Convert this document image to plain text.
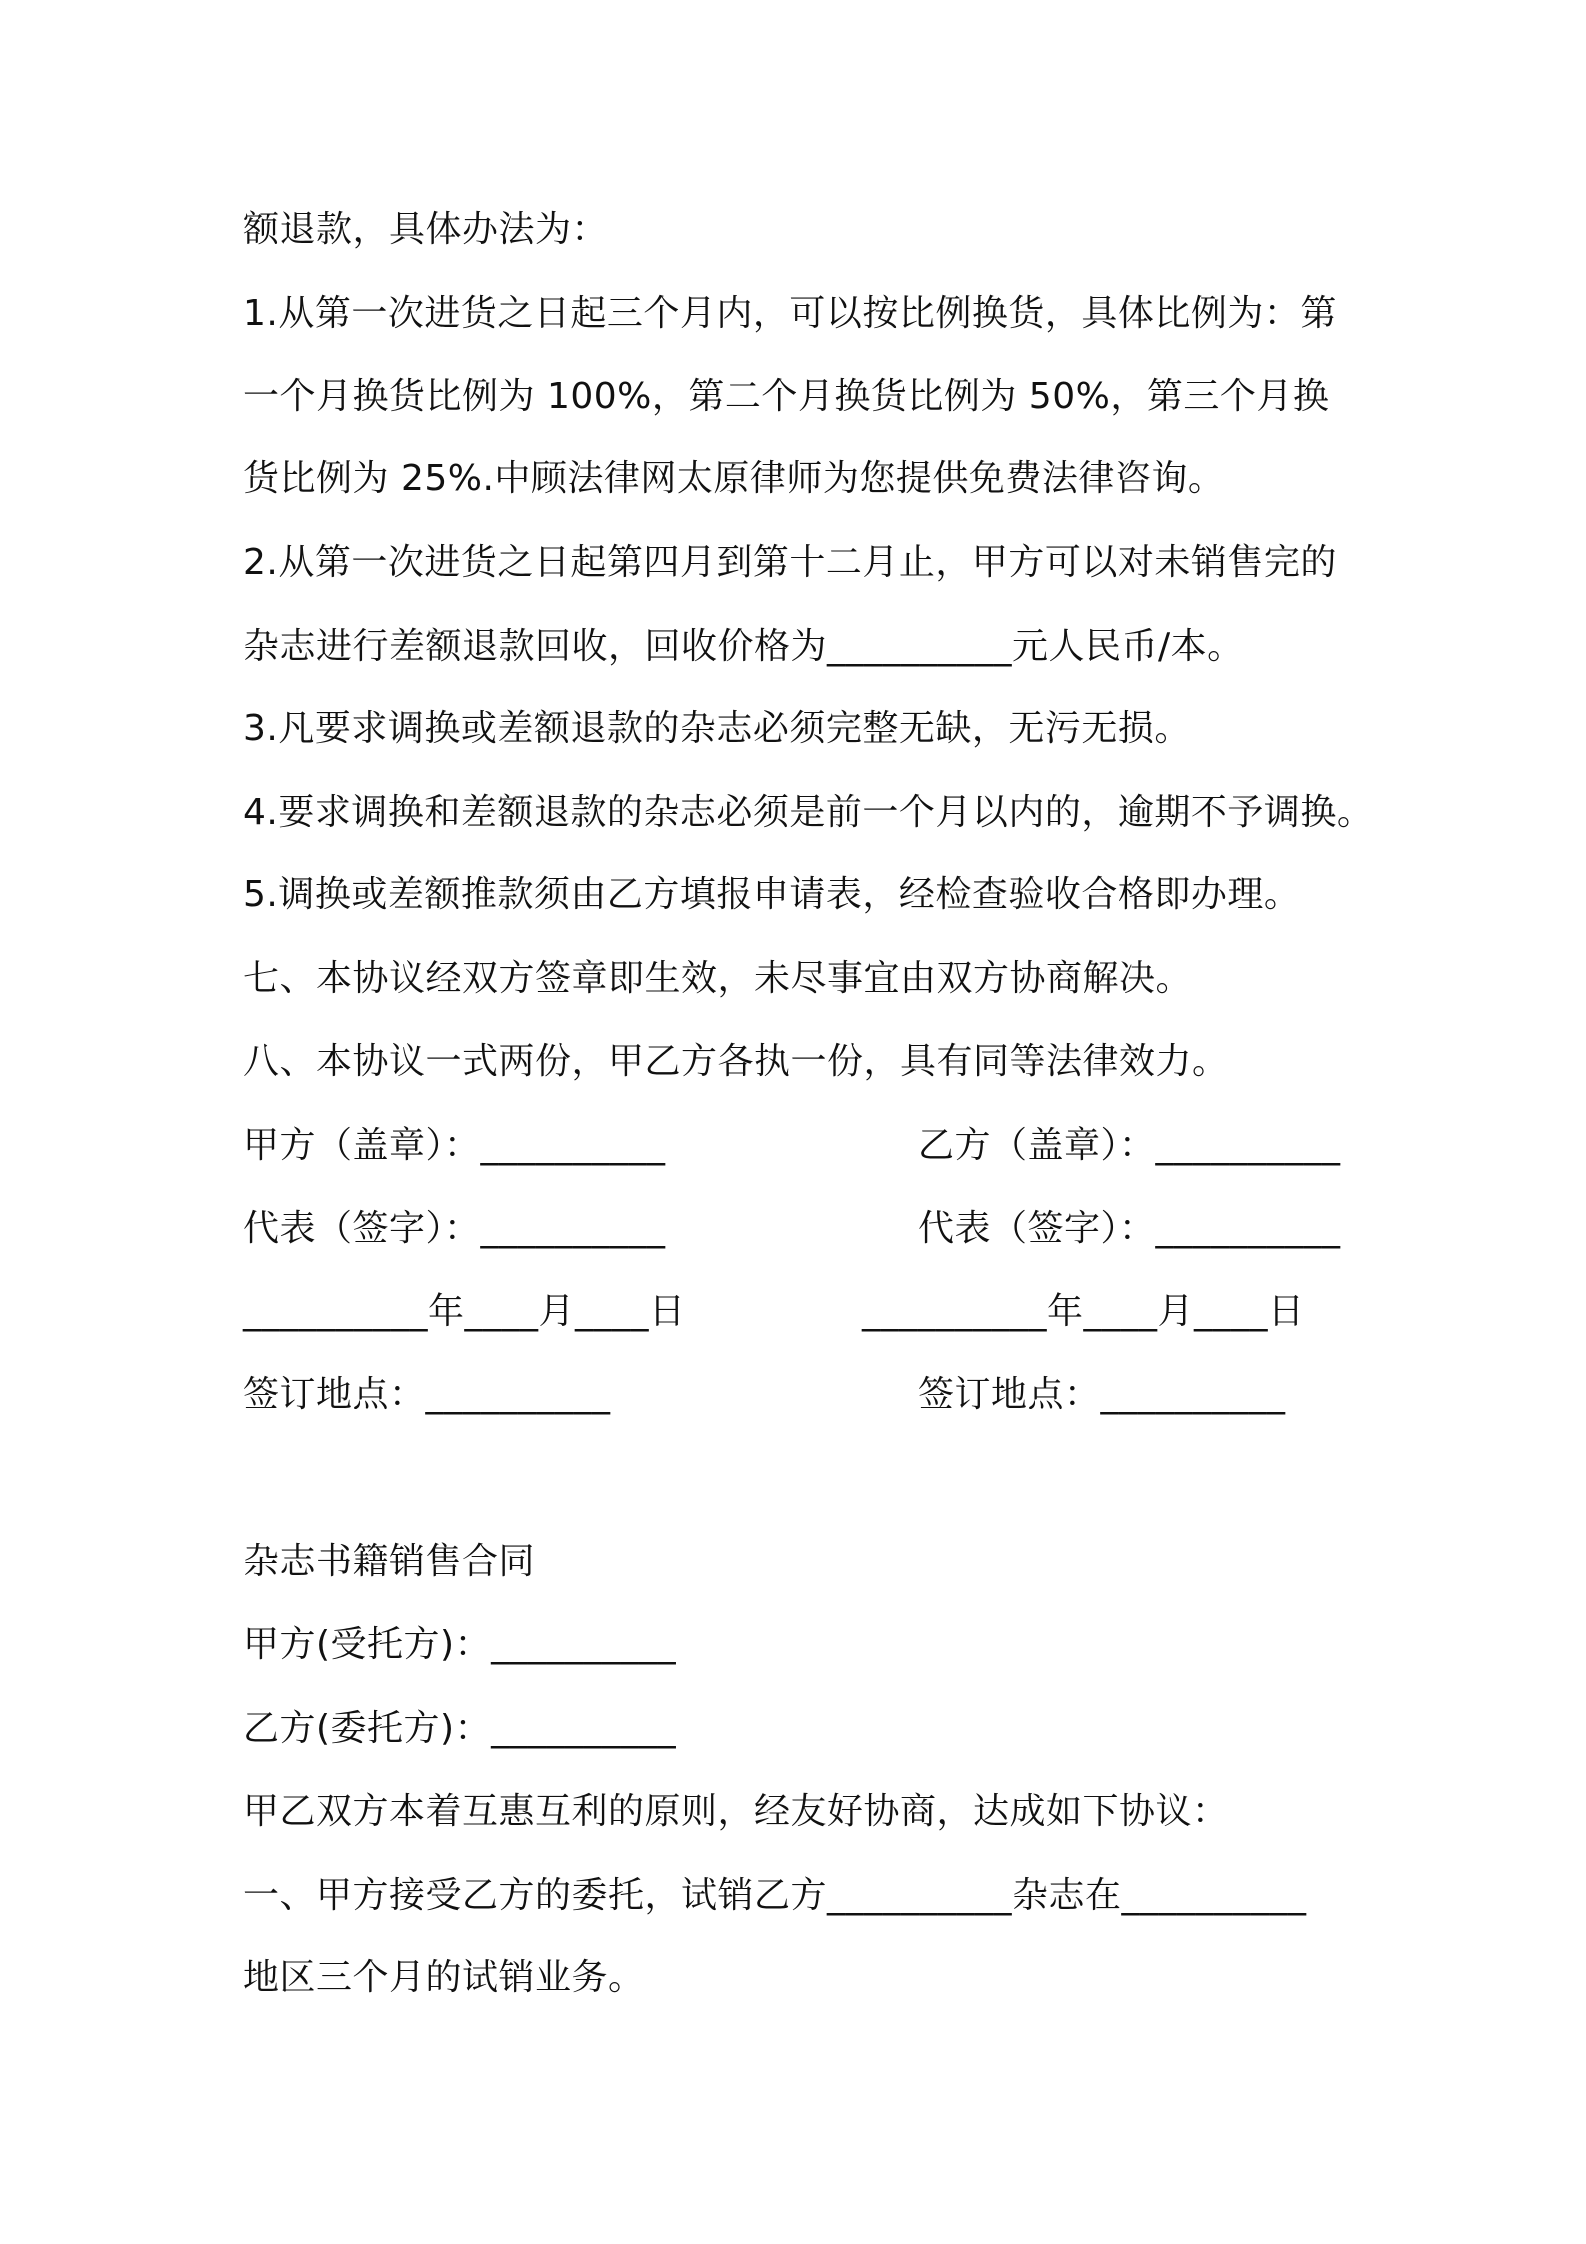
额退款，具体办法为：
1.从第一次进货之日起三个月内，可以按比例换货，具体比例为：第
一个月换货比例为 100%，第二个月换货比例为 50%，第三个月换
货比例为 25%.中顾法律网太原律师为您提供免费法律咨询。
2.从第一次进货之日起第四月到第十二月止，甲方可以对未销售完的
杂志进行差额退款回收，回收价格为__________元人民币/本。
3.凡要求调换或差额退款的杂志必须完整无缺，无污无损。
4.要求调换和差额退款的杂志必须是前一个月以内的，逾期不予调换。
5.调换或差额推款须由乙方填报申请表，经检查验收合格即办理。
七、本协议经双方签章即生效，未尽事宜由双方协商解决。
八、本协议一式两份，甲乙方各执一份，具有同等法律效力。
甲方（盖章）：__________	乙方（盖章）：__________
代表（签字）：__________	代表（签字）：__________
__________年____月____日	__________年____月____日
签订地点：__________	签订地点：__________
杂志书籍销售合同
甲方(受托方)：__________
乙方(委托方)：__________
甲乙双方本着互惠互利的原则，经友好协商，达成如下协议：
一、甲方接受乙方的委托，试销乙方__________杂志在__________
地区三个月的试销业务。
